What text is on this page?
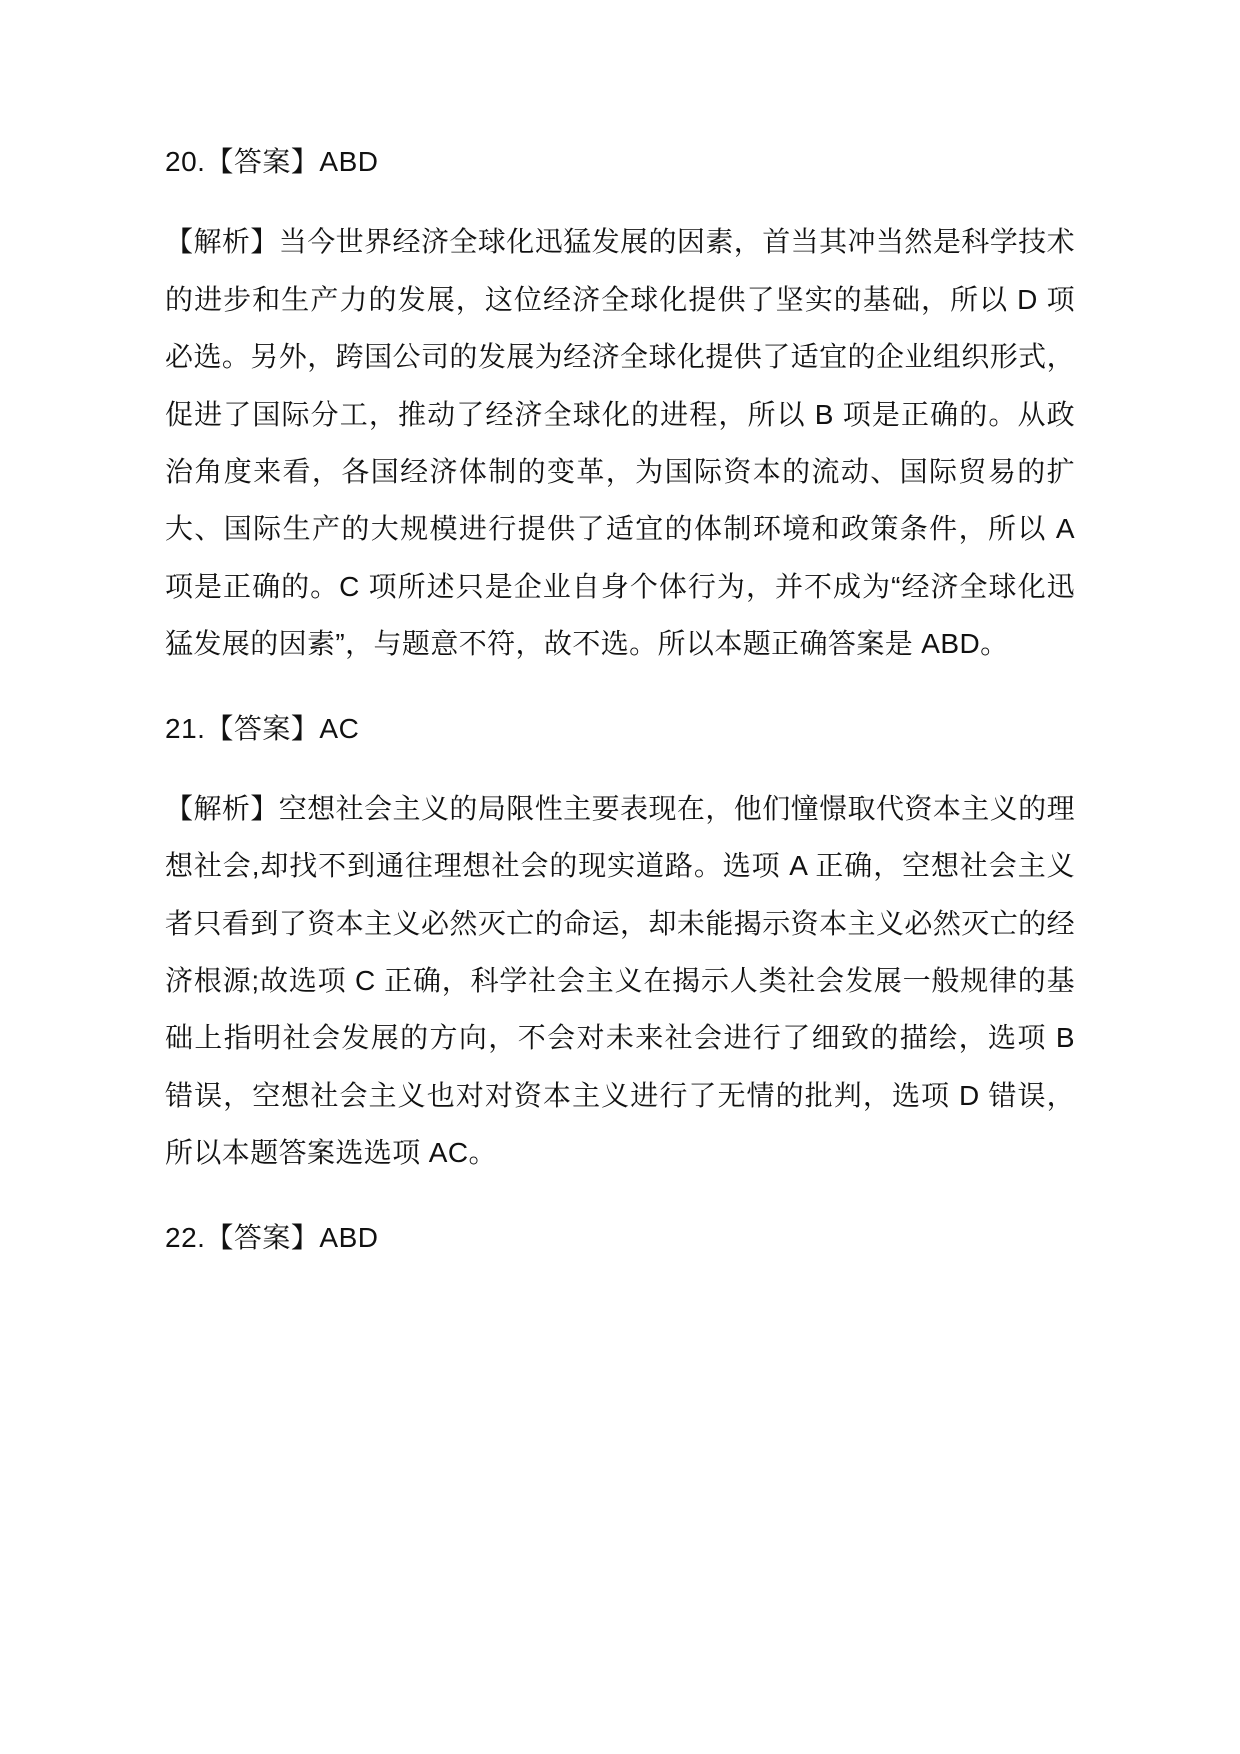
20.【答案】ABD
【解析】当今世界经济全球化迅猛发展的因素，首当其冲当然是科学技术的进步和生产力的发展，这位经济全球化提供了坚实的基础，所以 D 项必选。另外，跨国公司的发展为经济全球化提供了适宜的企业组织形式，促进了国际分工，推动了经济全球化的进程，所以 B 项是正确的。从政治角度来看，各国经济体制的变革，为国际资本的流动、国际贸易的扩大、国际生产的大规模进行提供了适宜的体制环境和政策条件，所以 A 项是正确的。C 项所述只是企业自身个体行为，并不成为“经济全球化迅猛发展的因素”，与题意不符，故不选。所以本题正确答案是 ABD。
21.【答案】AC
【解析】空想社会主义的局限性主要表现在，他们憧憬取代资本主义的理想社会,却找不到通往理想社会的现实道路。选项 A 正确，空想社会主义者只看到了资本主义必然灭亡的命运，却未能揭示资本主义必然灭亡的经济根源;故选项 C 正确，科学社会主义在揭示人类社会发展一般规律的基础上指明社会发展的方向，不会对未来社会进行了细致的描绘，选项 B 错误，空想社会主义也对对资本主义进行了无情的批判，选项 D 错误，所以本题答案选选项 AC。
22.【答案】ABD
